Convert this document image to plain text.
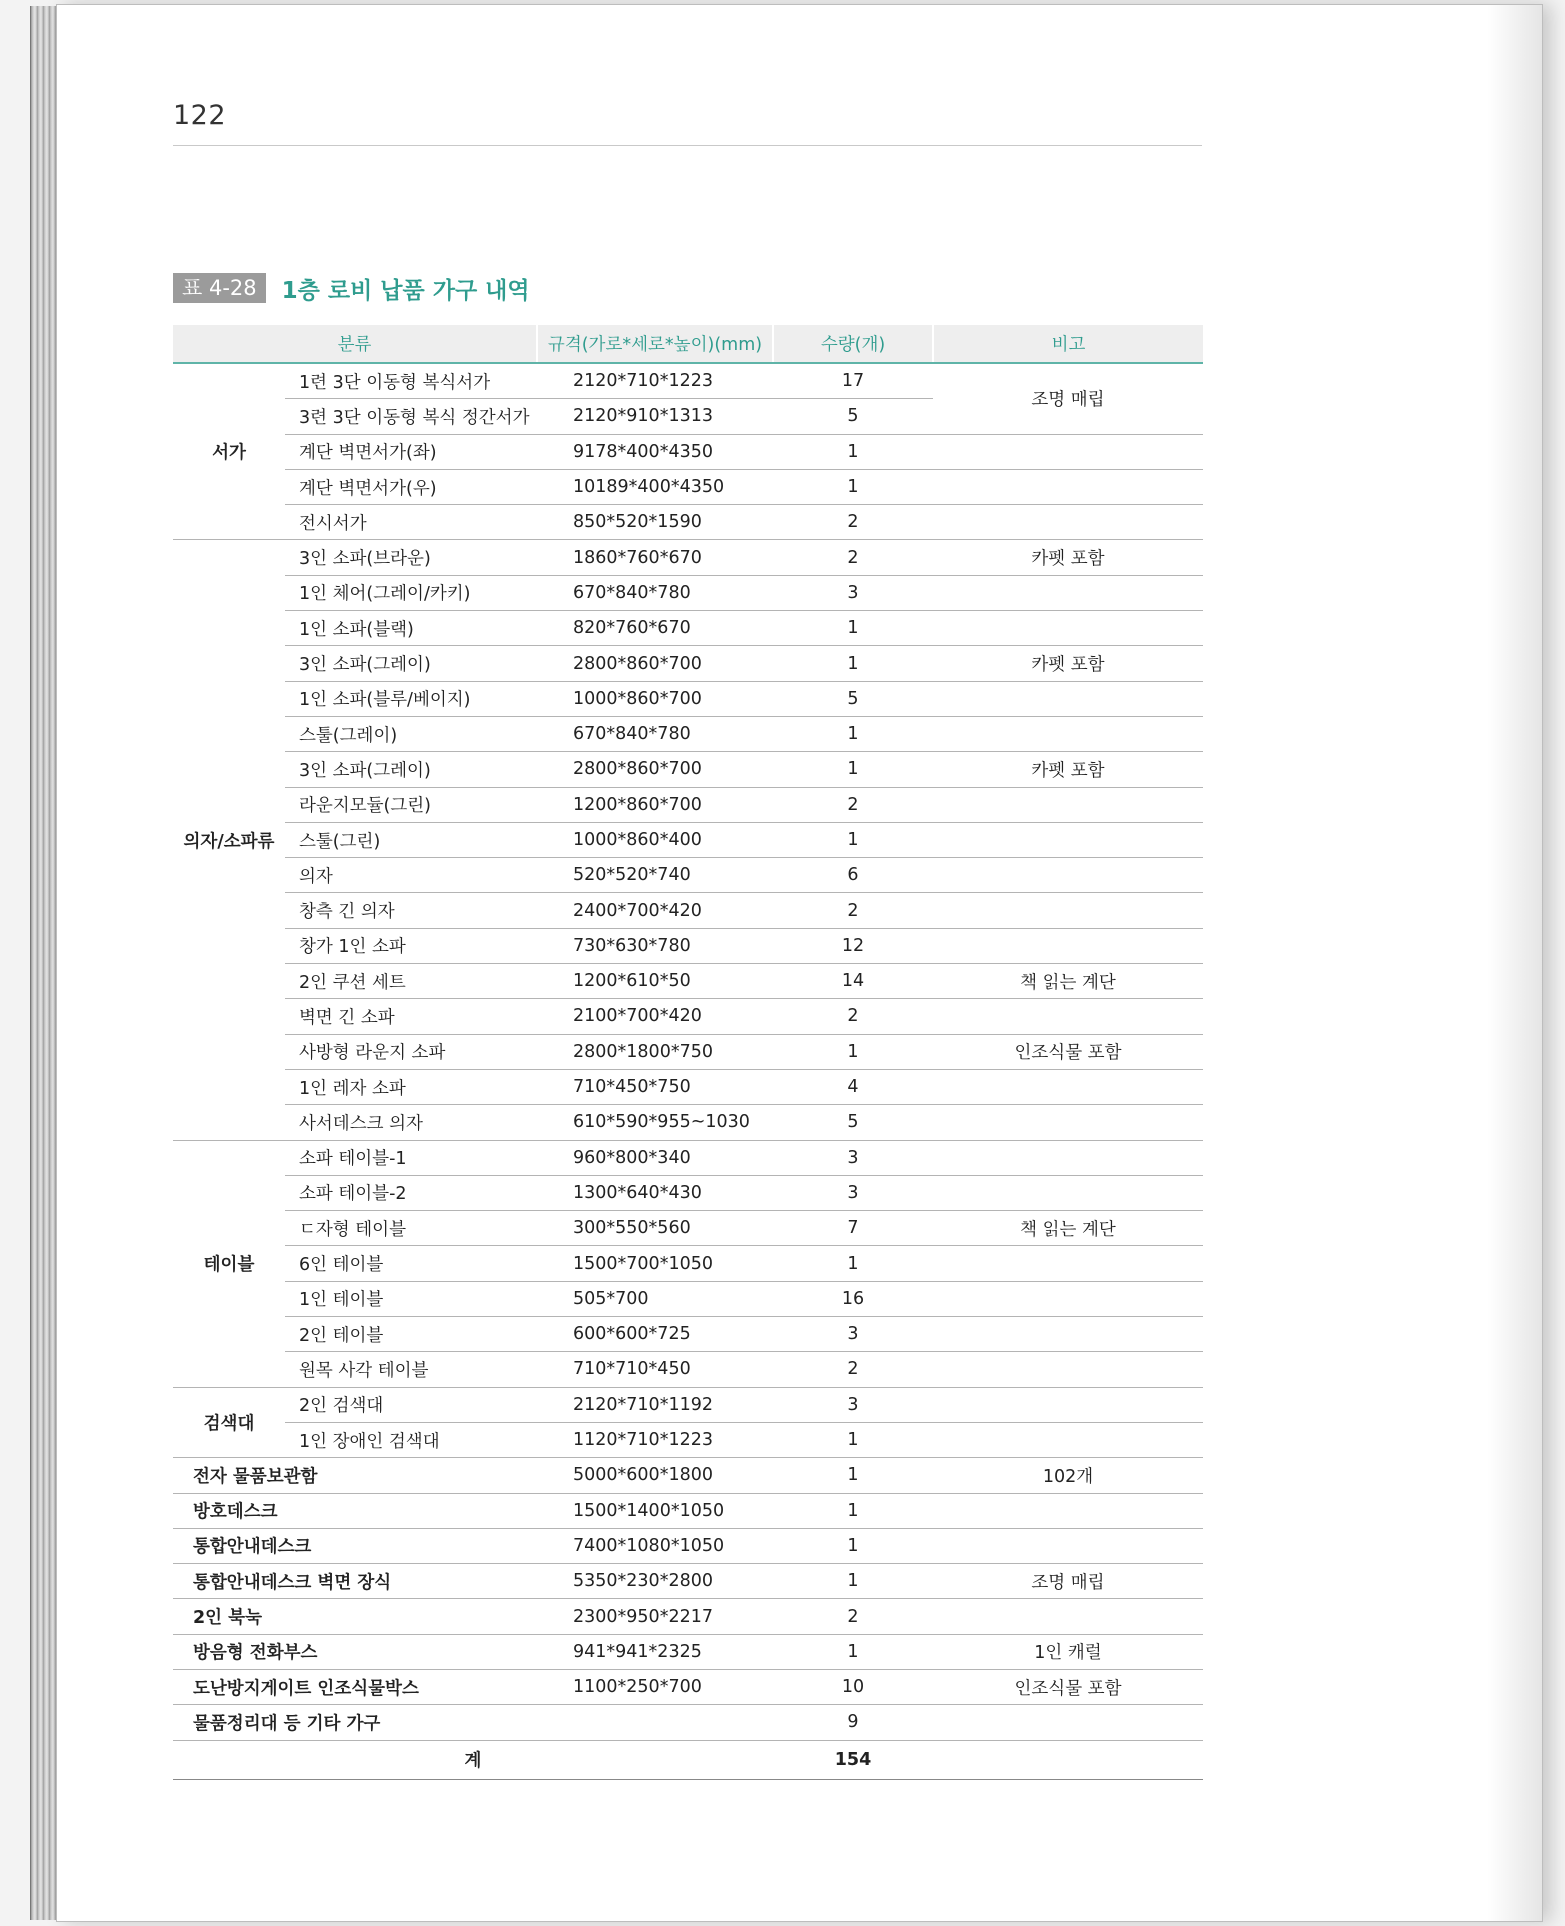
122
표 4-28	1층 로비 납품 가구 내역
분류		규격(가로*세로*높이)(mm)	수량(개)	비고
서가	1련 3단 이동형 복식서가	2120*710*1223	17	조명 매립
	3련 3단 이동형 복식 정간서가	2120*910*1313	5	
	계단 벽면서가(좌)	9178*400*4350	1	
	계단 벽면서가(우)	10189*400*4350	1	
	전시서가	850*520*1590	2	
의자/소파류	3인 소파(브라운)	1860*760*670	2	카펫 포함
	1인 체어(그레이/카키)	670*840*780	3	
	1인 소파(블랙)	820*760*670	1	
	3인 소파(그레이)	2800*860*700	1	카펫 포함
	1인 소파(블루/베이지)	1000*860*700	5	
	스툴(그레이)	670*840*780	1	
	3인 소파(그레이)	2800*860*700	1	카펫 포함
	라운지모듈(그린)	1200*860*700	2	
	스툴(그린)	1000*860*400	1	
	의자	520*520*740	6	
	창측 긴 의자	2400*700*420	2	
	창가 1인 소파	730*630*780	12	
	2인 쿠션 세트	1200*610*50	14	책 읽는 계단
	벽면 긴 소파	2100*700*420	2	
	사방형 라운지 소파	2800*1800*750	1	인조식물 포함
	1인 레자 소파	710*450*750	4	
	사서데스크 의자	610*590*955~1030	5	
테이블	소파 테이블-1	960*800*340	3	
	소파 테이블-2	1300*640*430	3	
	ㄷ자형 테이블	300*550*560	7	책 읽는 계단
	6인 테이블	1500*700*1050	1	
	1인 테이블	505*700	16	
	2인 테이블	600*600*725	3	
	원목 사각 테이블	710*710*450	2	
검색대	2인 검색대	2120*710*1192	3	
	1인 장애인 검색대	1120*710*1223	1	
전자 물품보관함		5000*600*1800	1	102개
방호데스크		1500*1400*1050	1	
통합안내데스크		7400*1080*1050	1	
통합안내데스크 벽면 장식		5350*230*2800	1	조명 매립
2인 북눅		2300*950*2217	2	
방음형 전화부스		941*941*2325	1	1인 캐럴
도난방지게이트 인조식물박스		1100*250*700	10	인조식물 포함
물품정리대 등 기타 가구			9	
계			154	
